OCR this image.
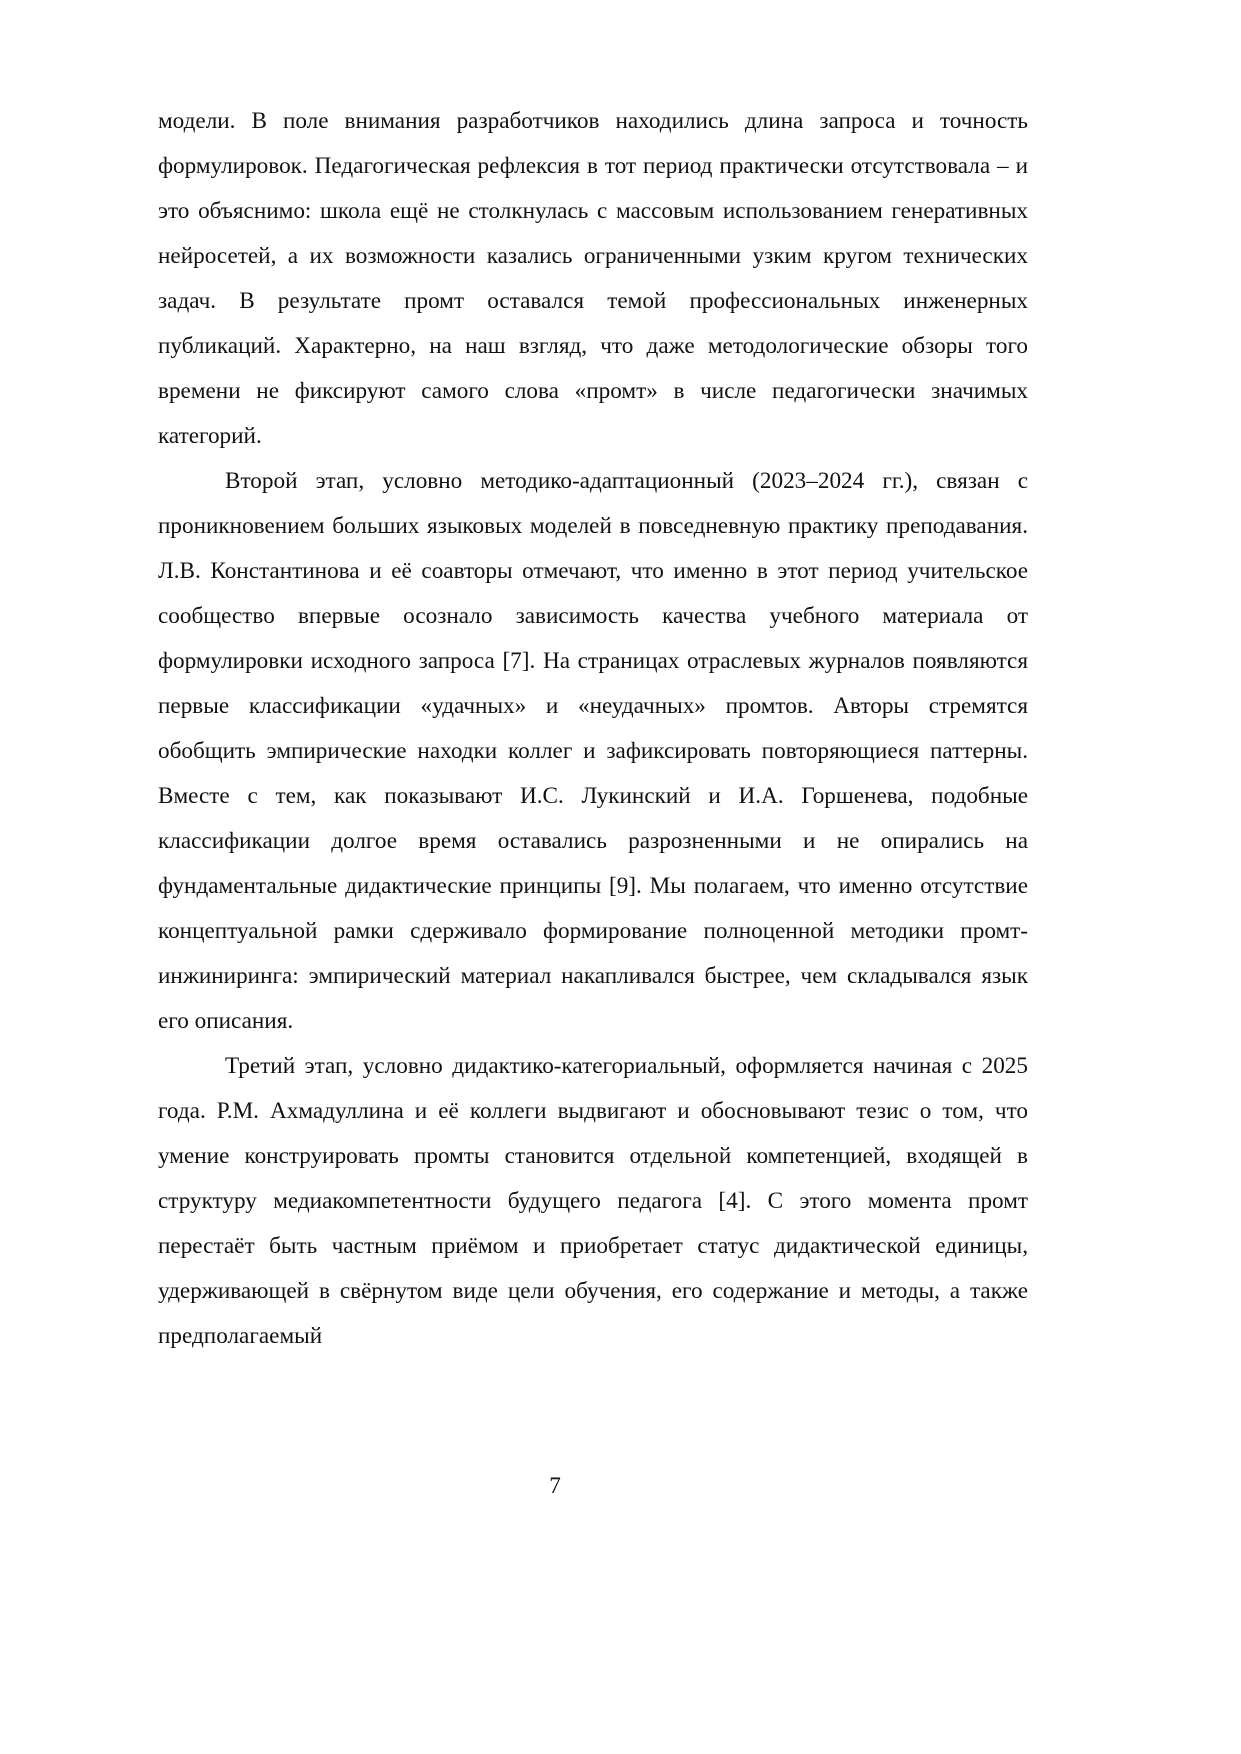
модели. В поле внимания разработчиков находились длина запроса и точность формулировок. Педагогическая рефлексия в тот период практически отсутствовала – и это объяснимо: школа ещё не столкнулась с массовым использованием генеративных нейросетей, а их возможности казались ограниченными узким кругом технических задач. В результате промт оставался темой профессиональных инженерных публикаций. Характерно, на наш взгляд, что даже методологические обзоры того времени не фиксируют самого слова «промт» в числе педагогически значимых категорий.

Второй этап, условно методико-адаптационный (2023–2024 гг.), связан с проникновением больших языковых моделей в повседневную практику преподавания. Л.В. Константинова и её соавторы отмечают, что именно в этот период учительское сообщество впервые осознало зависимость качества учебного материала от формулировки исходного запроса [7]. На страницах отраслевых журналов появляются первые классификации «удачных» и «неудачных» промтов. Авторы стремятся обобщить эмпирические находки коллег и зафиксировать повторяющиеся паттерны. Вместе с тем, как показывают И.С. Лукинский и И.А. Горшенева, подобные классификации долгое время оставались разрозненными и не опирались на фундаментальные дидактические принципы [9]. Мы полагаем, что именно отсутствие концептуальной рамки сдерживало формирование полноценной методики промт-инжиниринга: эмпирический материал накапливался быстрее, чем складывался язык его описания.

Третий этап, условно дидактико-категориальный, оформляется начиная с 2025 года. Р.М. Ахмадуллина и её коллеги выдвигают и обосновывают тезис о том, что умение конструировать промты становится отдельной компетенцией, входящей в структуру медиакомпетентности будущего педагога [4]. С этого момента промт перестаёт быть частным приёмом и приобретает статус дидактической единицы, удерживающей в свёрнутом виде цели обучения, его содержание и методы, а также предполагаемый

7
